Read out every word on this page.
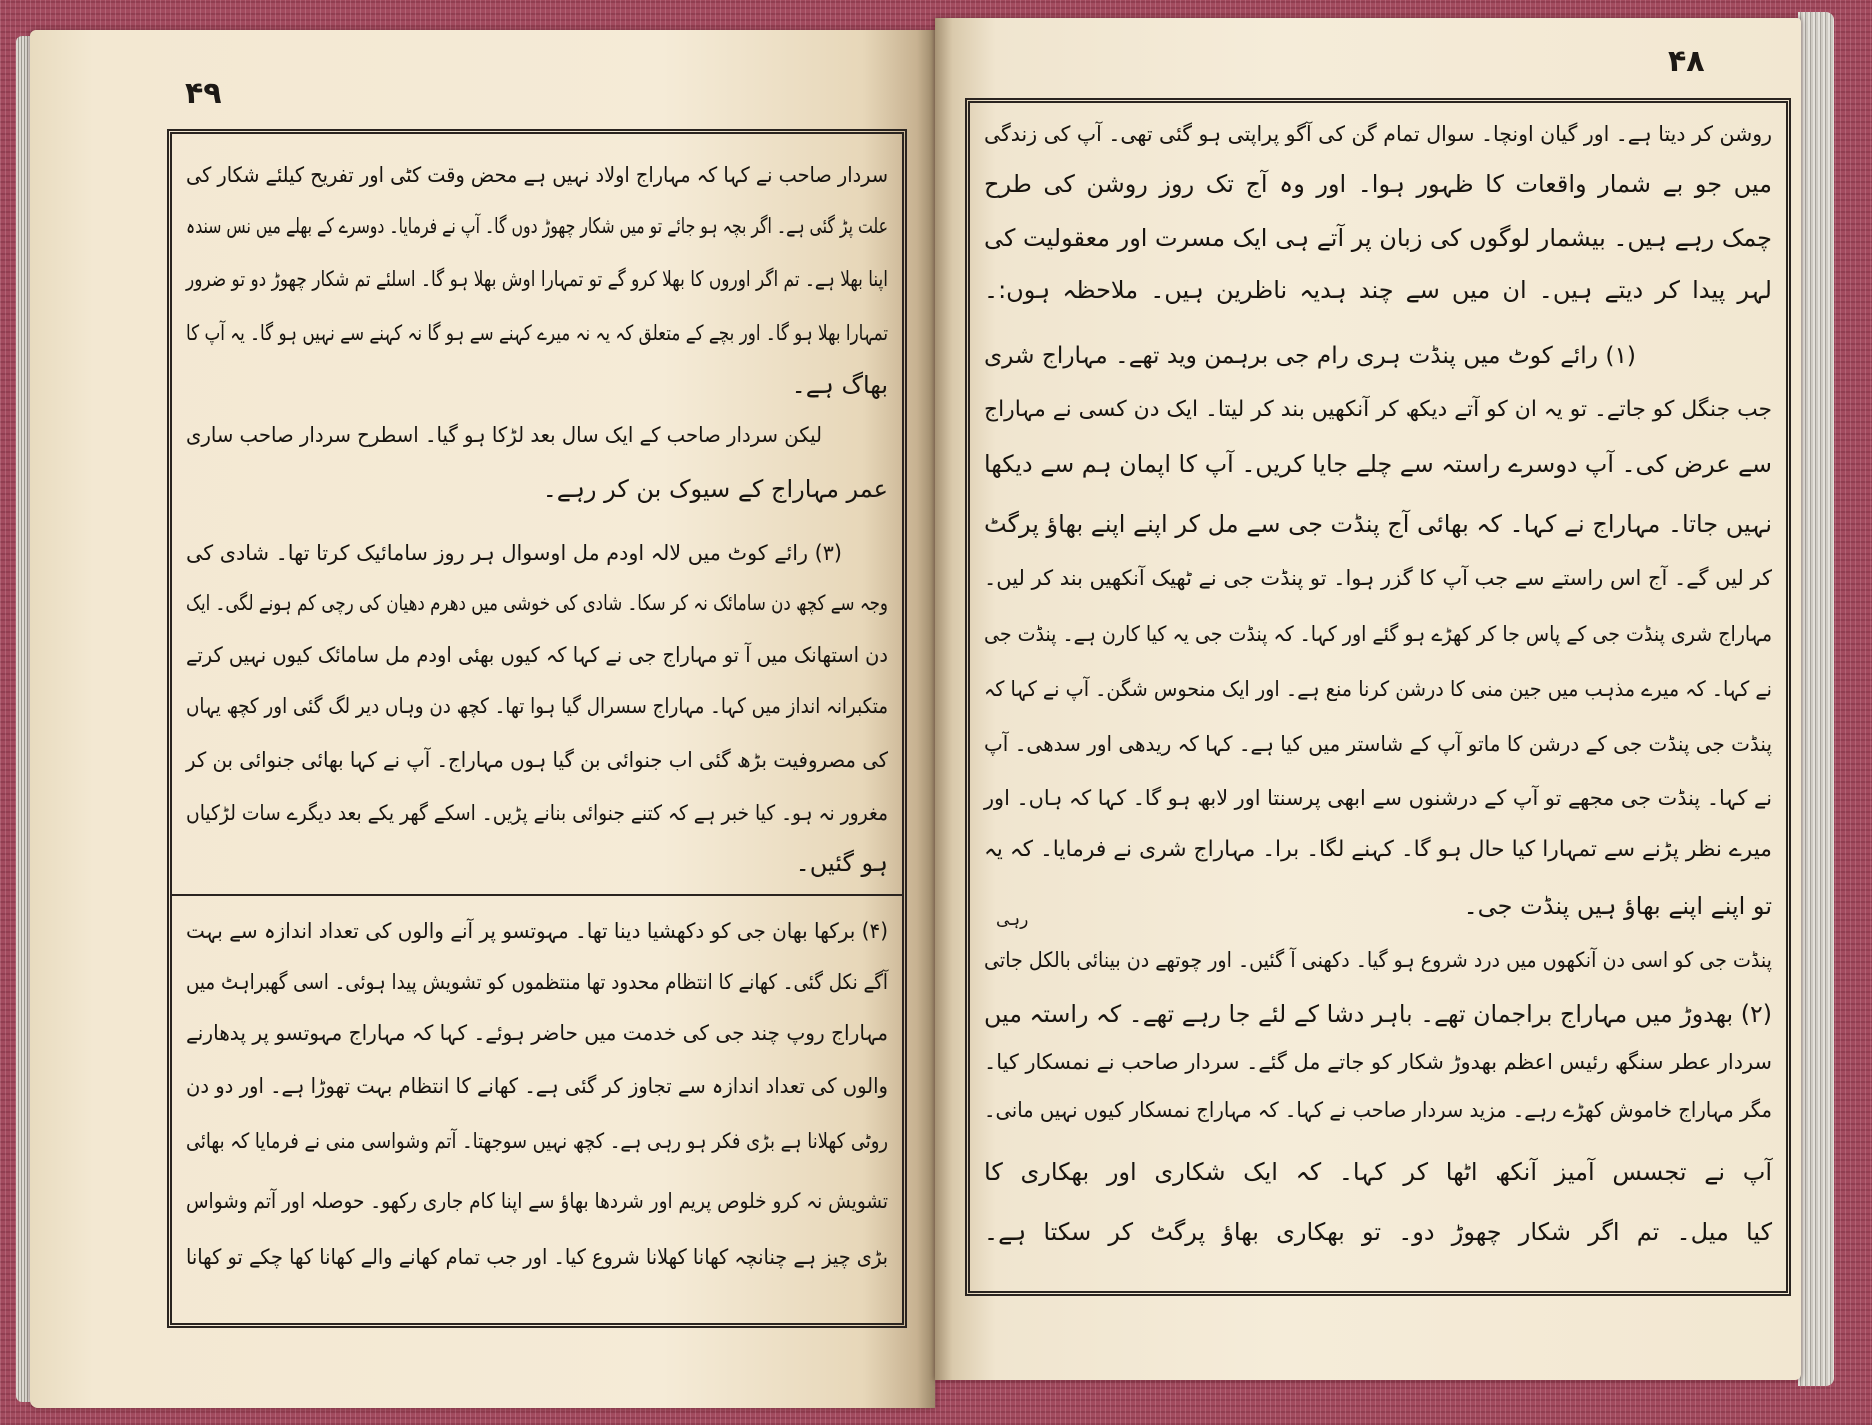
۴۹
۴۸
سردار صاحب نے کہا کہ مہاراج اولاد نہیں ہے محض وقت کٹی اور تفریح کیلئے شکار کی
علت پڑ گئی ہے۔ اگر بچہ ہو جائے تو میں شکار چھوڑ دوں گا۔ آپ نے فرمایا۔ دوسرے کے بھلے میں نس سندہ
اپنا بھلا ہے۔ تم اگر اوروں کا بھلا کرو گے تو تمہارا اوش بھلا ہو گا۔ اسلئے تم شکار چھوڑ دو تو ضرور
تمہارا بھلا ہو گا۔ اور بچے کے متعلق کہ یہ نہ میرے کہنے سے ہو گا نہ کہنے سے نہیں ہو گا۔ یہ آپ کا
بھاگ ہے۔
لیکن سردار صاحب کے ایک سال بعد لڑکا ہو گیا۔ اسطرح سردار صاحب ساری
عمر مہاراج کے سیوک بن کر رہے۔
(۳) رائے کوٹ میں لالہ اودم مل اوسوال ہر روز سامائیک کرتا تھا۔ شادی کی
وجہ سے کچھ دن سامائک نہ کر سکا۔ شادی کی خوشی میں دھرم دھیان کی رچی کم ہونے لگی۔ ایک
دن استھانک میں آ تو مہاراج جی نے کہا کہ کیوں بھئی اودم مل سامائک کیوں نہیں کرتے
متکبرانہ انداز میں کہا۔ مہاراج سسرال گیا ہوا تھا۔ کچھ دن وہاں دیر لگ گئی اور کچھ یہاں
کی مصروفیت بڑھ گئی اب جنوائی بن گیا ہوں مہاراج۔ آپ نے کہا بھائی جنوائی بن کر
مغرور نہ ہو۔ کیا خبر ہے کہ کتنے جنوائی بنانے پڑیں۔ اسکے گھر یکے بعد دیگرے سات لڑکیاں
ہو گئیں۔
(۴) برکھا بھان جی کو دکھشیا دینا تھا۔ مہوتسو پر آنے والوں کی تعداد اندازہ سے بہت
آگے نکل گئی۔ کھانے کا انتظام محدود تھا منتظموں کو تشویش پیدا ہوئی۔ اسی گھبراہٹ میں
مہاراج روپ چند جی کی خدمت میں حاضر ہوئے۔ کہا کہ مہاراج مہوتسو پر پدھارنے
والوں کی تعداد اندازہ سے تجاوز کر گئی ہے۔ کھانے کا انتظام بہت تھوڑا ہے۔ اور دو دن
روٹی کھلانا ہے بڑی فکر ہو رہی ہے۔ کچھ نہیں سوجھتا۔ آتم وشواسی منی نے فرمایا کہ بھائی
تشویش نہ کرو خلوص پریم اور شردھا بھاؤ سے اپنا کام جاری رکھو۔ حوصلہ اور آتم وشواس
بڑی چیز ہے چنانچہ کھانا کھلانا شروع کیا۔ اور جب تمام کھانے والے کھانا کھا چکے تو کھانا
روشن کر دیتا ہے۔ اور گیان اونچا۔ سوال تمام گن کی آگو پراپتی ہو گئی تھی۔ آپ کی زندگی
میں جو بے شمار واقعات کا ظہور ہوا۔ اور وہ آج تک روز روشن کی طرح
چمک رہے ہیں۔ بیشمار لوگوں کی زبان پر آتے ہی ایک مسرت اور معقولیت کی
لہر پیدا کر دیتے ہیں۔ ان میں سے چند ہدیہ ناظرین ہیں۔ ملاحظہ ہوں:۔
(۱) رائے کوٹ میں پنڈت ہری رام جی برہمن وید تھے۔ مہاراج شری
جب جنگل کو جاتے۔ تو یہ ان کو آتے دیکھ کر آنکھیں بند کر لیتا۔ ایک دن کسی نے مہاراج
سے عرض کی۔ آپ دوسرے راستہ سے چلے جایا کریں۔ آپ کا اپمان ہم سے دیکھا
نہیں جاتا۔ مہاراج نے کہا۔ کہ بھائی آج پنڈت جی سے مل کر اپنے اپنے بھاؤ پرگٹ
کر لیں گے۔ آج اس راستے سے جب آپ کا گزر ہوا۔ تو پنڈت جی نے ٹھیک آنکھیں بند کر لیں۔
مہاراج شری پنڈت جی کے پاس جا کر کھڑے ہو گئے اور کہا۔ کہ پنڈت جی یہ کیا کارن ہے۔ پنڈت جی
نے کہا۔ کہ میرے مذہب میں جین منی کا درشن کرنا منع ہے۔ اور ایک منحوس شگن۔ آپ نے کہا کہ
پنڈت جی پنڈت جی کے درشن کا ماتو آپ کے شاستر میں کیا ہے۔ کہا کہ ریدھی اور سدھی۔ آپ
نے کہا۔ پنڈت جی مجھے تو آپ کے درشنوں سے ابھی پرسنتا اور لابھ ہو گا۔ کہا کہ ہاں۔ اور
میرے نظر پڑنے سے تمہارا کیا حال ہو گا۔ کہنے لگا۔ برا۔ مہاراج شری نے فرمایا۔ کہ یہ
تو اپنے اپنے بھاؤ ہیں پنڈت جی۔
رہی
پنڈت جی کو اسی دن آنکھوں میں درد شروع ہو گیا۔ دکھنی آ گئیں۔ اور چوتھے دن بینائی بالکل جاتی
(۲) بھدوڑ میں مہاراج براجمان تھے۔ باہر دشا کے لئے جا رہے تھے۔ کہ راستہ میں
سردار عطر سنگھ رئیس اعظم بھدوڑ شکار کو جاتے مل گئے۔ سردار صاحب نے نمسکار کیا۔
مگر مہاراج خاموش کھڑے رہے۔ مزید سردار صاحب نے کہا۔ کہ مہاراج نمسکار کیوں نہیں مانی۔
آپ نے تجسس آمیز آنکھ اٹھا کر کہا۔ کہ ایک شکاری اور بھکاری کا
کیا میل۔ تم اگر شکار چھوڑ دو۔ تو بھکاری بھاؤ پرگٹ کر سکتا ہے۔
